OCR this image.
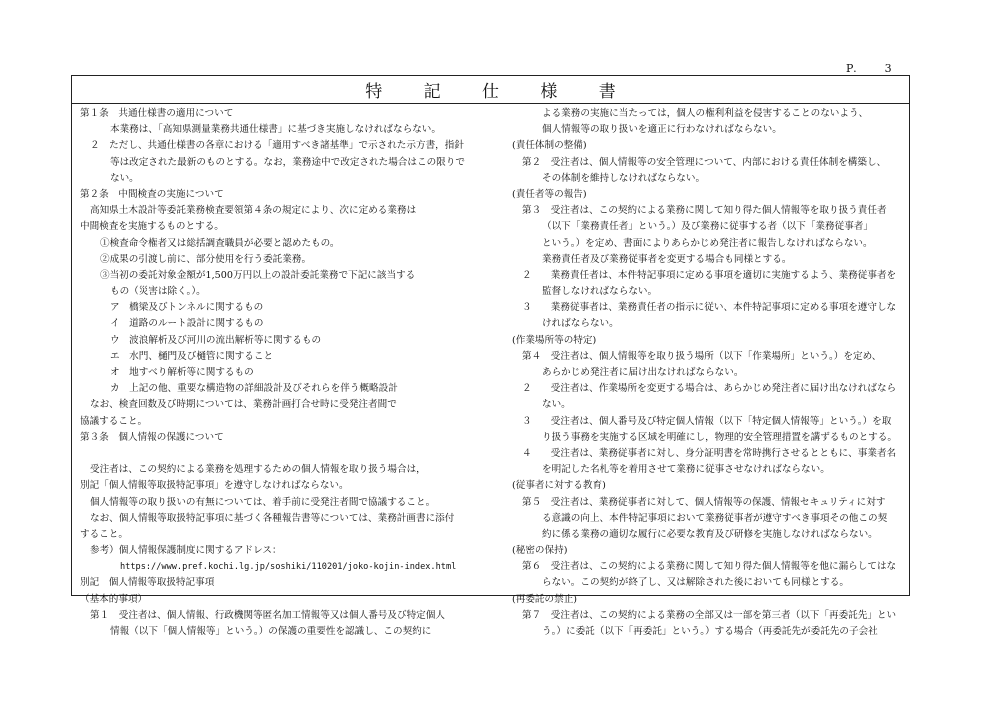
P.　　3
特 記 仕 様 書
第１条　共通仕様書の適用について
本業務は、「高知県測量業務共通仕様書」に基づき実施しなければならない。
２　ただし、共通仕様書の各章における「適用すべき諸基準」で示された示方書，指針
等は改定された最新のものとする。なお，業務途中で改定された場合はこの限りで
ない。
第２条　中間検査の実施について
高知県土木設計等委託業務検査要領第４条の規定により、次に定める業務は
中間検査を実施するものとする。
①検査命令権者又は総括調査職員が必要と認めたもの。
②成果の引渡し前に、部分使用を行う委託業務。
③当初の委託対象金額が1,500万円以上の設計委託業務で下記に該当する
もの（災害は除く。）。
ア　橋梁及びトンネルに関するもの
イ　道路のルート設計に関するもの
ウ　波浪解析及び河川の流出解析等に関するもの
エ　水門、樋門及び樋管に関すること
オ　地すべり解析等に関するもの
カ　上記の他、重要な構造物の詳細設計及びそれらを伴う概略設計
なお、検査回数及び時期については、業務計画打合せ時に受発注者間で
協議すること。
第３条　個人情報の保護について
受注者は、この契約による業務を処理するための個人情報を取り扱う場合は，
別記「個人情報等取扱特記事項」を遵守しなければならない。
個人情報等の取り扱いの有無については、着手前に受発注者間で協議すること。
なお、個人情報等取扱特記事項に基づく各種報告書等については、業務計画書に添付
すること。
参考）個人情報保護制度に関するアドレス：
https://www.pref.kochi.lg.jp/soshiki/110201/joko-kojin-index.html
別記　個人情報等取扱特記事項
（基本的事項）
第１　受注者は、個人情報、行政機関等匿名加工情報等又は個人番号及び特定個人
情報（以下「個人情報等」という。）の保護の重要性を認識し、この契約に
よる業務の実施に当たっては，個人の権利利益を侵害することのないよう、
個人情報等の取り扱いを適正に行わなければならない。
(責任体制の整備)
第２　受注者は、個人情報等の安全管理について、内部における責任体制を構築し、
その体制を維持しなければならない。
(責任者等の報告)
第３　受注者は、この契約による業務に関して知り得た個人情報等を取り扱う責任者
（以下「業務責任者」という。）及び業務に従事する者（以下「業務従事者」
という。）を定め、書面によりあらかじめ発注者に報告しなければならない。
業務責任者及び業務従事者を変更する場合も同様とする。
２　　業務責任者は、本件特記事項に定める事項を適切に実施するよう、業務従事者を
監督しなければならない。
３　　業務従事者は、業務責任者の指示に従い、本件特記事項に定める事項を遵守しな
ければならない。
(作業場所等の特定)
第４　受注者は、個人情報等を取り扱う場所（以下「作業場所」という。）を定め、
あらかじめ発注者に届け出なければならない。
２　　受注者は、作業場所を変更する場合は、あらかじめ発注者に届け出なければなら
ない。
３　　受注者は、個人番号及び特定個人情報（以下「特定個人情報等」という。）を取
り扱う事務を実施する区域を明確にし，物理的安全管理措置を講ずるものとする。
４　　受注者は、業務従事者に対し、身分証明書を常時携行させるとともに、事業者名
を明記した名札等を着用させて業務に従事させなければならない。
(従事者に対する教育)
第５　受注者は、業務従事者に対して、個人情報等の保護、情報セキュリティに対す
る意識の向上、本件特記事項において業務従事者が遵守すべき事項その他この契
約に係る業務の適切な履行に必要な教育及び研修を実施しなければならない。
(秘密の保持)
第６　受注者は、この契約による業務に関して知り得た個人情報等を他に漏らしてはな
らない。この契約が終了し、又は解除された後においても同様とする。
(再委託の禁止)
第７　受注者は、この契約による業務の全部又は一部を第三者（以下「再委託先」とい
う。）に委託（以下「再委託」という。）する場合（再委託先が委託先の子会社
